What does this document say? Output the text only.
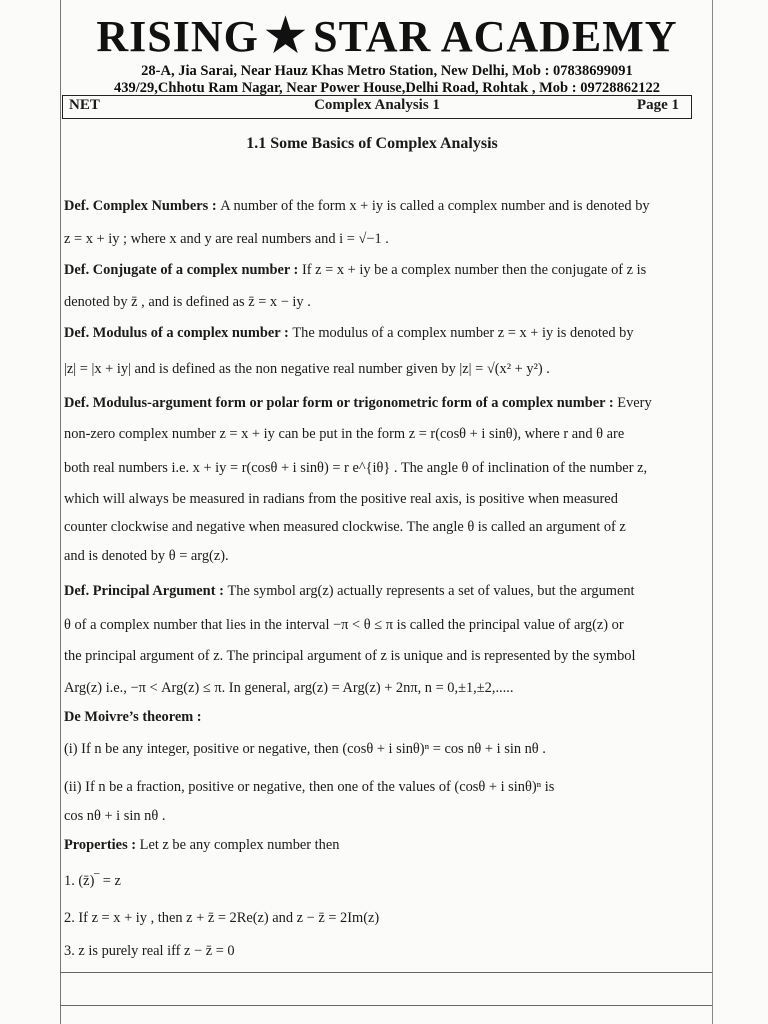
RISING ★ STAR ACADEMY
28-A, Jia Sarai, Near Hauz Khas Metro Station, New Delhi, Mob : 07838699091
439/29,Chhotu Ram Nagar, Near Power House,Delhi Road, Rohtak , Mob : 09728862122
NET	Complex Analysis 1	Page 1
1.1 Some Basics of Complex Analysis
Def. Complex Numbers : A number of the form x + iy is called a complex number and is denoted by
z = x + iy ; where x and y are real numbers and i = √−1 .
Def. Conjugate of a complex number : If z = x + iy be a complex number then the conjugate of z is
denoted by z̄ , and is defined as z̄ = x − iy .
Def. Modulus of a complex number : The modulus of a complex number z = x + iy is denoted by
|z| = |x + iy| and is defined as the non negative real number given by |z| = √(x² + y²) .
Def. Modulus-argument form or polar form or trigonometric form of a complex number : Every
non-zero complex number z = x + iy can be put in the form z = r(cosθ + i sinθ), where r and θ are
both real numbers i.e. x + iy = r(cosθ + i sinθ) = r e^{iθ} . The angle θ of inclination of the number z,
which will always be measured in radians from the positive real axis, is positive when measured
counter clockwise and negative when measured clockwise. The angle θ is called an argument of z
and is denoted by θ = arg(z).
Def. Principal Argument : The symbol arg(z) actually represents a set of values, but the argument
θ of a complex number that lies in the interval −π < θ ≤ π is called the principal value of arg(z) or
the principal argument of z. The principal argument of z is unique and is represented by the symbol
Arg(z) i.e., −π < Arg(z) ≤ π. In general, arg(z) = Arg(z) + 2nπ, n = 0,±1,±2,.....
De Moivre’s theorem :
(i) If n be any integer, positive or negative, then (cosθ + i sinθ)ⁿ = cos nθ + i sin nθ .
(ii) If n be a fraction, positive or negative, then one of the values of (cosθ + i sinθ)ⁿ is
cos nθ + i sin nθ .
Properties : Let z be any complex number then
1. (z̄)‾ = z
2. If z = x + iy , then z + z̄ = 2Re(z) and z − z̄ = 2Im(z)
3. z is purely real iff z − z̄ = 0
